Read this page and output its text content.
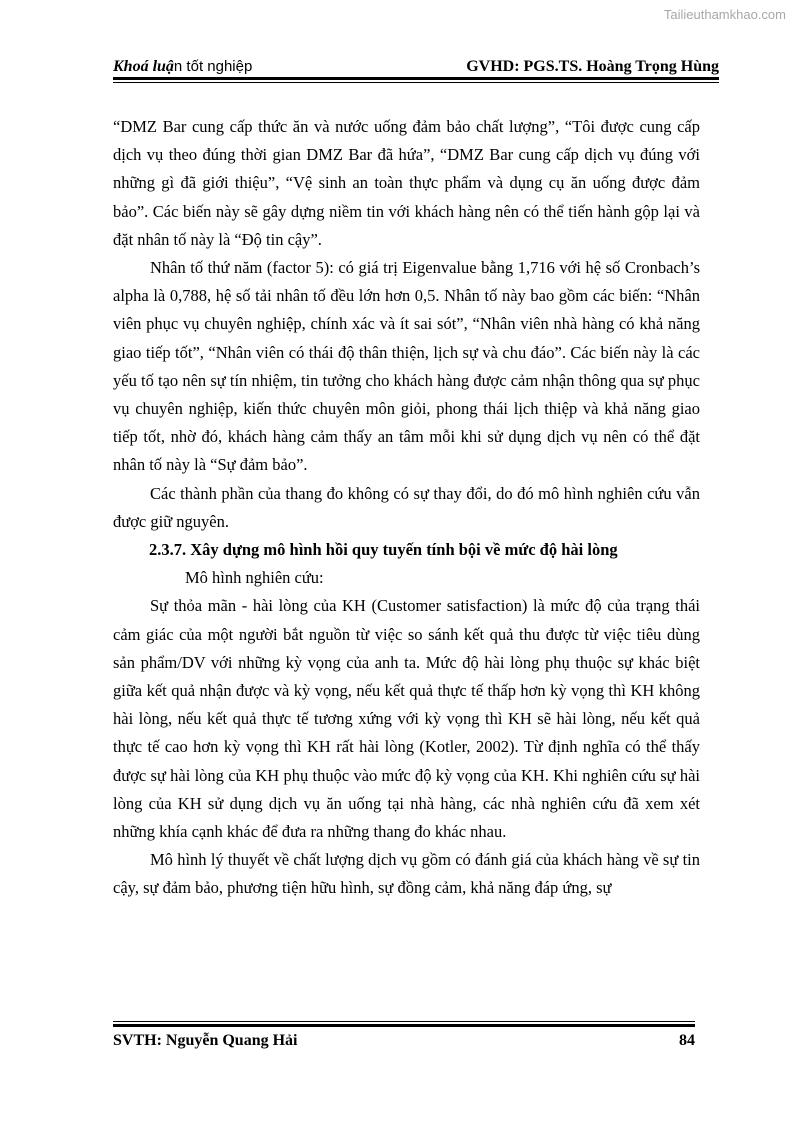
Tailieuthamkhao.com
Khoá luận tốt nghiệp	GVHD: PGS.TS. Hoàng Trọng Hùng

“DMZ Bar cung cấp thức ăn và nước uống đảm bảo chất lượng”, “Tôi được cung cấp dịch vụ theo đúng thời gian DMZ Bar đã hứa”, “DMZ Bar cung cấp dịch vụ đúng với những gì đã giới thiệu”, “Vệ sinh an toàn thực phẩm và dụng cụ ăn uống được đảm bảo”. Các biến này sẽ gây dựng niềm tin với khách hàng nên có thể tiến hành gộp lại và đặt nhân tố này là “Độ tin cậy”.

Nhân tố thứ năm (factor 5): có giá trị Eigenvalue bằng 1,716 với hệ số Cronbach’s alpha là 0,788, hệ số tải nhân tố đều lớn hơn 0,5. Nhân tố này bao gồm các biến: “Nhân viên phục vụ chuyên nghiệp, chính xác và ít sai sót”, “Nhân viên nhà hàng có khả năng giao tiếp tốt”, “Nhân viên có thái độ thân thiện, lịch sự và chu đáo”. Các biến này là các yếu tố tạo nên sự tín nhiệm, tin tưởng cho khách hàng được cảm nhận thông qua sự phục vụ chuyên nghiệp, kiến thức chuyên môn giỏi, phong thái lịch thiệp và khả năng giao tiếp tốt, nhờ đó, khách hàng cảm thấy an tâm mỗi khi sử dụng dịch vụ nên có thể đặt nhân tố này là “Sự đảm bảo”.

Các thành phần của thang đo không có sự thay đổi, do đó mô hình nghiên cứu vẫn được giữ nguyên.

2.3.7. Xây dựng mô hình hồi quy tuyến tính bội về mức độ hài lòng

Mô hình nghiên cứu:

Sự thỏa mãn - hài lòng của KH (Customer satisfaction) là mức độ của trạng thái cảm giác của một người bắt nguồn từ việc so sánh kết quả thu được từ việc tiêu dùng sản phẩm/DV với những kỳ vọng của anh ta. Mức độ hài lòng phụ thuộc sự khác biệt giữa kết quả nhận được và kỳ vọng, nếu kết quả thực tế thấp hơn kỳ vọng thì KH không hài lòng, nếu kết quả thực tế tương xứng với kỳ vọng thì KH sẽ hài lòng, nếu kết quả thực tế cao hơn kỳ vọng thì KH rất hài lòng (Kotler, 2002). Từ định nghĩa có thể thấy được sự hài lòng của KH phụ thuộc vào mức độ kỳ vọng của KH. Khi nghiên cứu sự hài lòng của KH sử dụng dịch vụ ăn uống tại nhà hàng, các nhà nghiên cứu đã xem xét những khía cạnh khác để đưa ra những thang đo khác nhau.

Mô hình lý thuyết về chất lượng dịch vụ gồm có đánh giá của khách hàng về sự tin cậy, sự đảm bảo, phương tiện hữu hình, sự đồng cảm, khả năng đáp ứng, sự

SVTH: Nguyễn Quang Hải	84
